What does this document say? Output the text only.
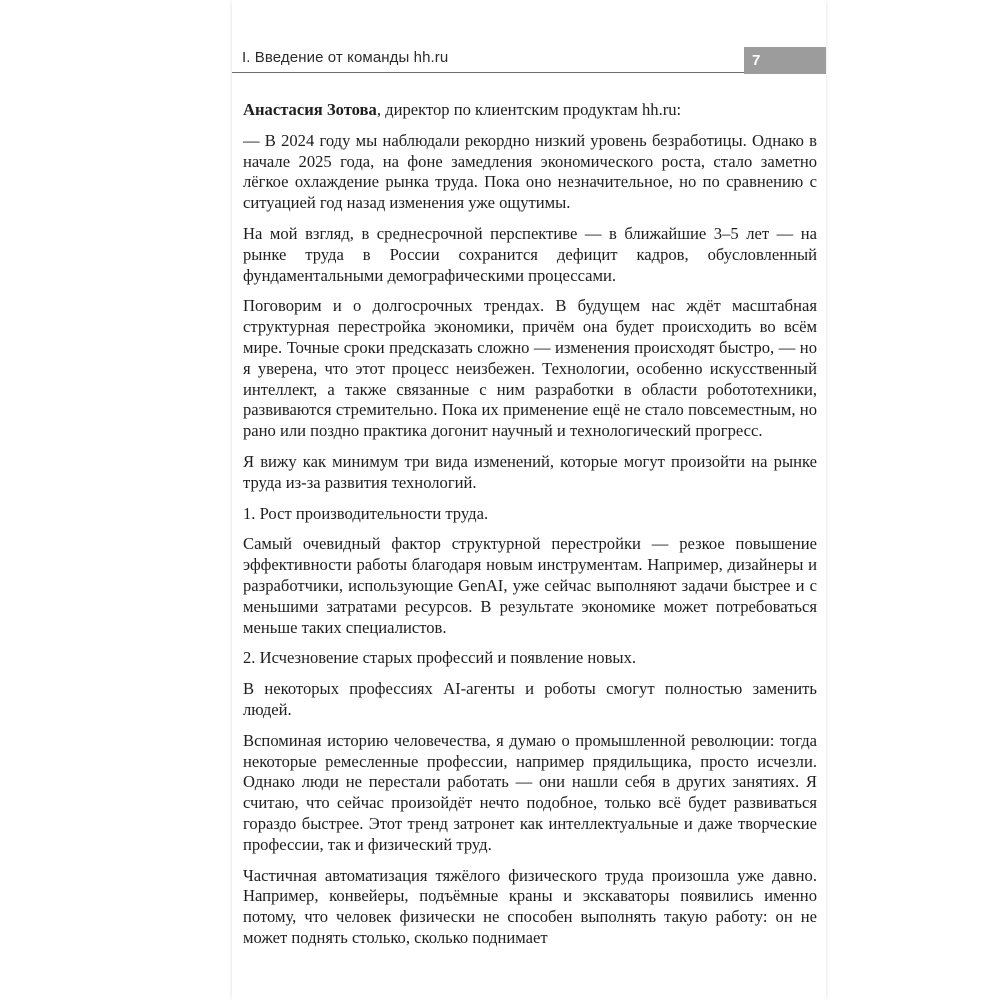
I. Введение от команды hh.ru	7

Анастасия Зотова, директор по клиентским продуктам hh.ru:

— В 2024 году мы наблюдали рекордно низкий уровень безработицы. Однако в начале 2025 года, на фоне замедления экономического роста, стало заметно лёгкое охлаждение рынка труда. Пока оно незначительное, но по сравнению с ситуацией год назад изменения уже ощутимы.

На мой взгляд, в среднесрочной перспективе — в ближайшие 3–5 лет — на рынке труда в России сохранится дефицит кадров, обусловленный фундаментальными демографическими процессами.

Поговорим и о долгосрочных трендах. В будущем нас ждёт масштабная структурная перестройка экономики, причём она будет происходить во всём мире. Точные сроки предсказать сложно — изменения происходят быстро, — но я уверена, что этот процесс неизбежен. Технологии, особенно искусственный интеллект, а также связанные с ним разработки в области робототехники, развиваются стремительно. Пока их применение ещё не стало повсеместным, но рано или поздно практика догонит научный и технологический прогресс.

Я вижу как минимум три вида изменений, которые могут произойти на рынке труда из-за развития технологий.

1. Рост производительности труда.

Самый очевидный фактор структурной перестройки — резкое повышение эффективности работы благодаря новым инструментам. Например, дизайнеры и разработчики, использующие GenAI, уже сейчас выполняют задачи быстрее и с меньшими затратами ресурсов. В результате экономике может потребоваться меньше таких специалистов.

2. Исчезновение старых профессий и появление новых.

В некоторых профессиях AI-агенты и роботы смогут полностью заменить людей.

Вспоминая историю человечества, я думаю о промышленной революции: тогда некоторые ремесленные профессии, например прядильщика, просто исчезли. Однако люди не перестали работать — они нашли себя в других занятиях. Я считаю, что сейчас произойдёт нечто подобное, только всё будет развиваться гораздо быстрее. Этот тренд затронет как интеллектуальные и даже творческие профессии, так и физический труд.

Частичная автоматизация тяжёлого физического труда произошла уже давно. Например, конвейеры, подъёмные краны и экскаваторы появились именно потому, что человек физически не способен выполнять такую работу: он не может поднять столько, сколько поднимает
